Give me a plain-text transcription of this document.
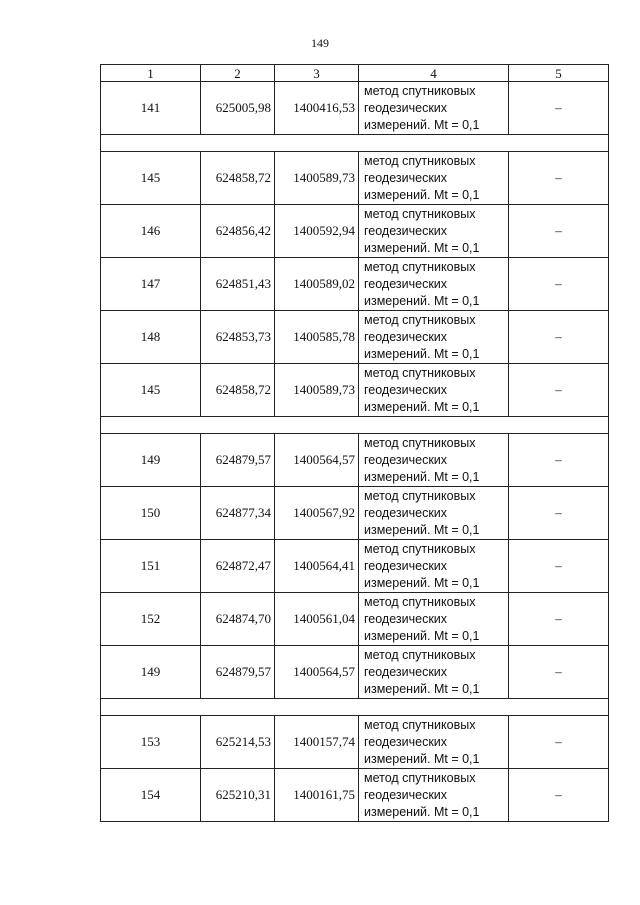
149
1	2	3	4	5
141	625005,98	1400416,53	метод спутниковых
геодезических
измерений. Mt = 0,1	–

145	624858,72	1400589,73	метод спутниковых
геодезических
измерений. Mt = 0,1	–
146	624856,42	1400592,94	метод спутниковых
геодезических
измерений. Mt = 0,1	–
147	624851,43	1400589,02	метод спутниковых
геодезических
измерений. Mt = 0,1	–
148	624853,73	1400585,78	метод спутниковых
геодезических
измерений. Mt = 0,1	–
145	624858,72	1400589,73	метод спутниковых
геодезических
измерений. Mt = 0,1	–

149	624879,57	1400564,57	метод спутниковых
геодезических
измерений. Mt = 0,1	–
150	624877,34	1400567,92	метод спутниковых
геодезических
измерений. Mt = 0,1	–
151	624872,47	1400564,41	метод спутниковых
геодезических
измерений. Mt = 0,1	–
152	624874,70	1400561,04	метод спутниковых
геодезических
измерений. Mt = 0,1	–
149	624879,57	1400564,57	метод спутниковых
геодезических
измерений. Mt = 0,1	–

153	625214,53	1400157,74	метод спутниковых
геодезических
измерений. Mt = 0,1	–
154	625210,31	1400161,75	метод спутниковых
геодезических
измерений. Mt = 0,1	–
